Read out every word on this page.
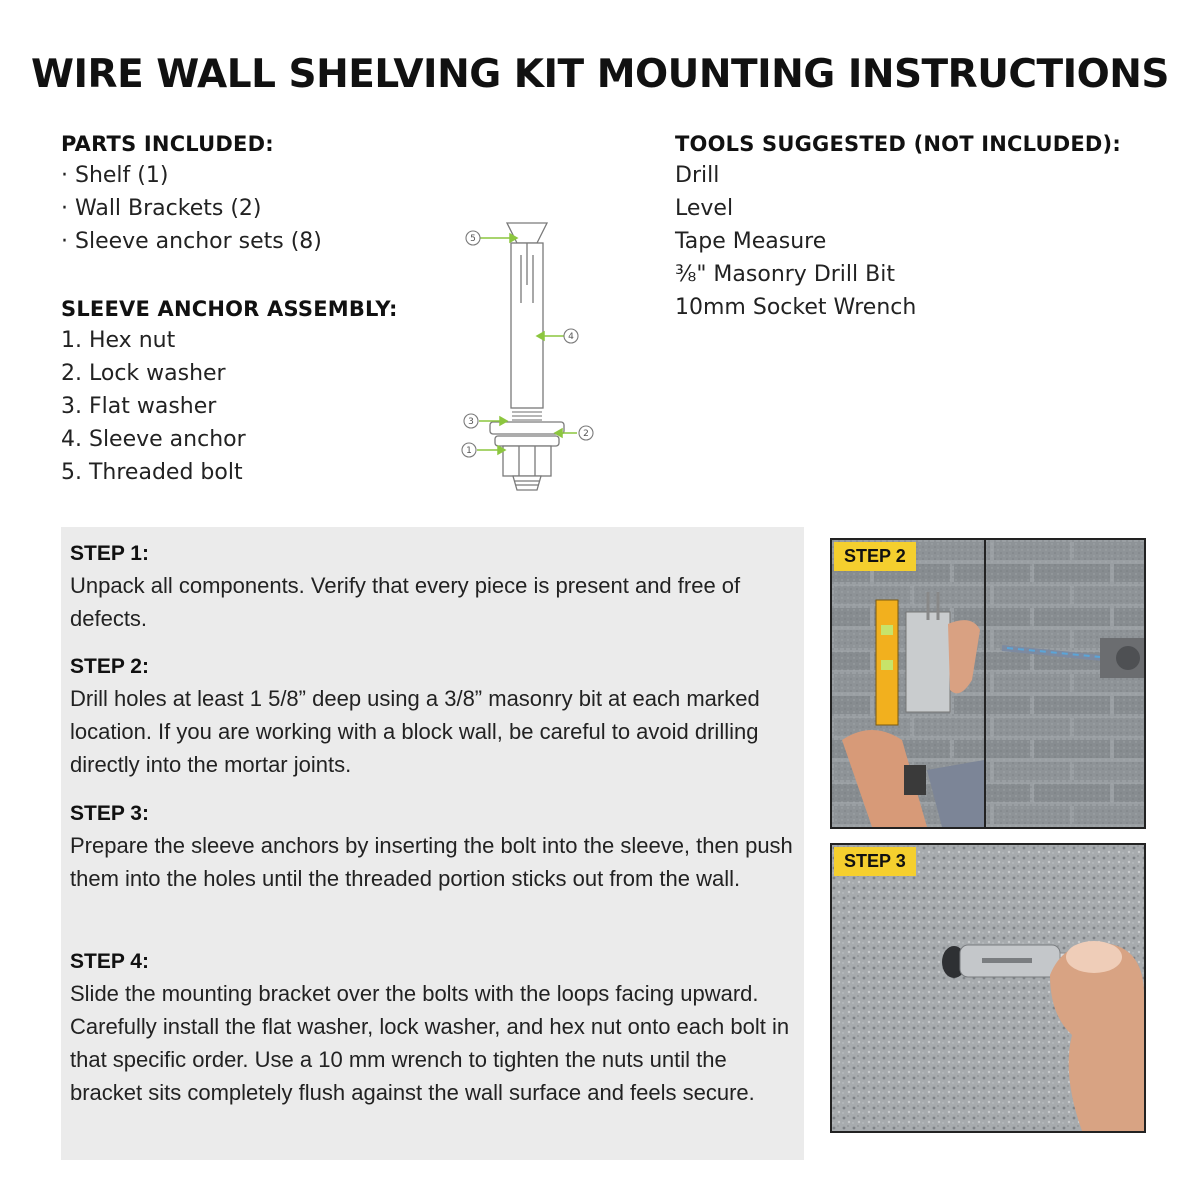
WIRE WALL SHELVING KIT MOUNTING INSTRUCTIONS
PARTS INCLUDED:
· Shelf (1)
· Wall Brackets (2)
· Sleeve anchor sets (8)
SLEEVE ANCHOR ASSEMBLY:
1. Hex nut
2. Lock washer
3. Flat washer
4. Sleeve anchor
5. Threaded bolt
TOOLS SUGGESTED (NOT INCLUDED):
Drill
Level
Tape Measure
⅜" Masonry Drill Bit
10mm Socket Wrench
5
4
3
2
1
STEP 1:

Unpack all components. Verify that every piece is present and free of defects.

STEP 2:

Drill holes at least 1 5/8” deep using a 3/8” masonry bit at each marked location. If you are working with a block wall, be careful to avoid drilling directly into the mortar joints.

STEP 3:

Prepare the sleeve anchors by inserting the bolt into the sleeve, then push them into the holes until the threaded portion sticks out from the wall.

STEP 4:

Slide the mounting bracket over the bolts with the loops facing upward. Carefully install the flat washer, lock washer, and hex nut onto each bolt in that specific order. Use a 10 mm wrench to tighten the nuts until the bracket sits completely flush against the wall surface and feels secure.

STEP 2
STEP 3
